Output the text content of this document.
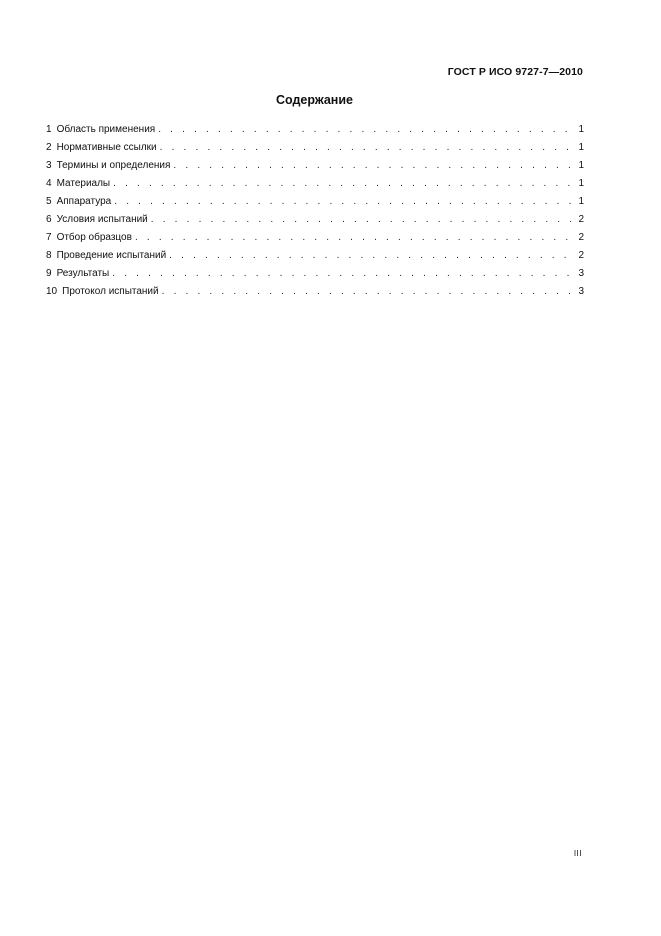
ГОСТ Р ИСО 9727-7—2010
Содержание
1 Область применения . . .	1
2 Нормативные ссылки . . .	1
3 Термины и определения . . .	1
4 Материалы . . .	1
5 Аппаратура . . .	1
6 Условия испытаний . . .	2
7 Отбор образцов . . .	2
8 Проведение испытаний . . .	2
9 Результаты . . .	3
10 Протокол испытаний . . .	3
III
